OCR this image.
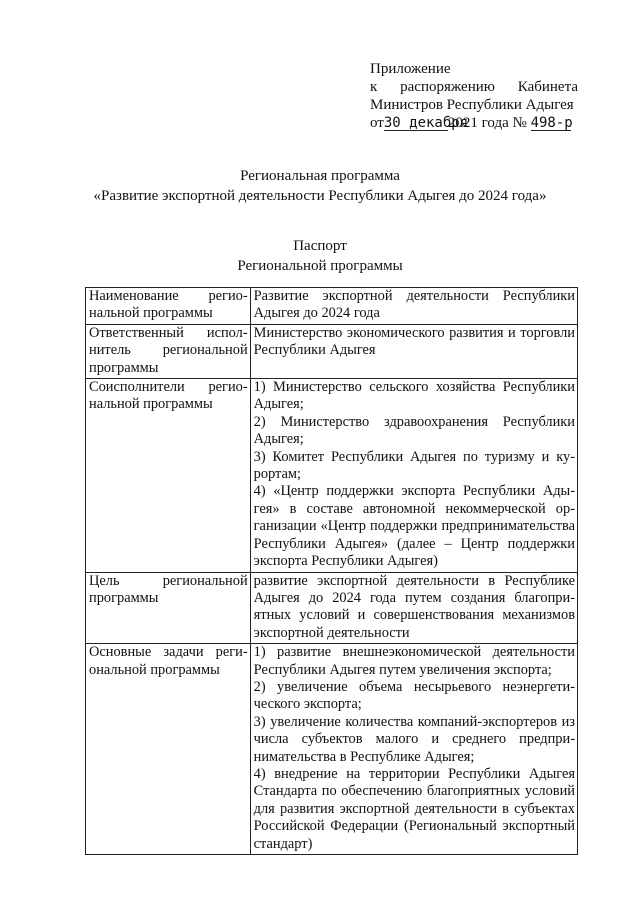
Приложение
к распоряжению Кабинета
Министров Республики Адыгея
от30 декабря2021 года № 498-р
Региональная программа
«Развитие экспортной деятельности Республики Адыгея до 2024 года»
Паспорт
Региональной программы
Наименование региональной программы	Развитие экспортной деятельности Республики Адыгея до 2024 года
Ответственный исполнитель региональной программы	Министерство экономического развития и торговли Республики Адыгея
Соисполнители региональной программы	1) Министерство сельского хозяйства Республики Адыгея;
2) Министерство здравоохранения Республики Адыгея;
3) Комитет Республики Адыгея по туризму и курортам;
4) «Центр поддержки экспорта Республики Адыгея» в составе автономной некоммерческой организации «Центр поддержки предпринимательства Республики Адыгея» (далее – Центр поддержки экспорта Республики Адыгея)

Цель региональной программы	развитие экспортной деятельности в Республике Адыгея до 2024 года путем создания благоприятных условий и совершенствования механизмов экспортной деятельности
Основные задачи региональной программы	1) развитие внешнеэкономической деятельности Республики Адыгея путем увеличения экспорта;
2) увеличение объема несырьевого неэнергетического экспорта;
3) увеличение количества компаний-экспортеров из числа субъектов малого и среднего предпринимательства в Республике Адыгея;
4) внедрение на территории Республики Адыгея Стандарта по обеспечению благоприятных условий для развития экспортной деятельности в субъектах Российской Федерации (Региональный экспортный стандарт)
